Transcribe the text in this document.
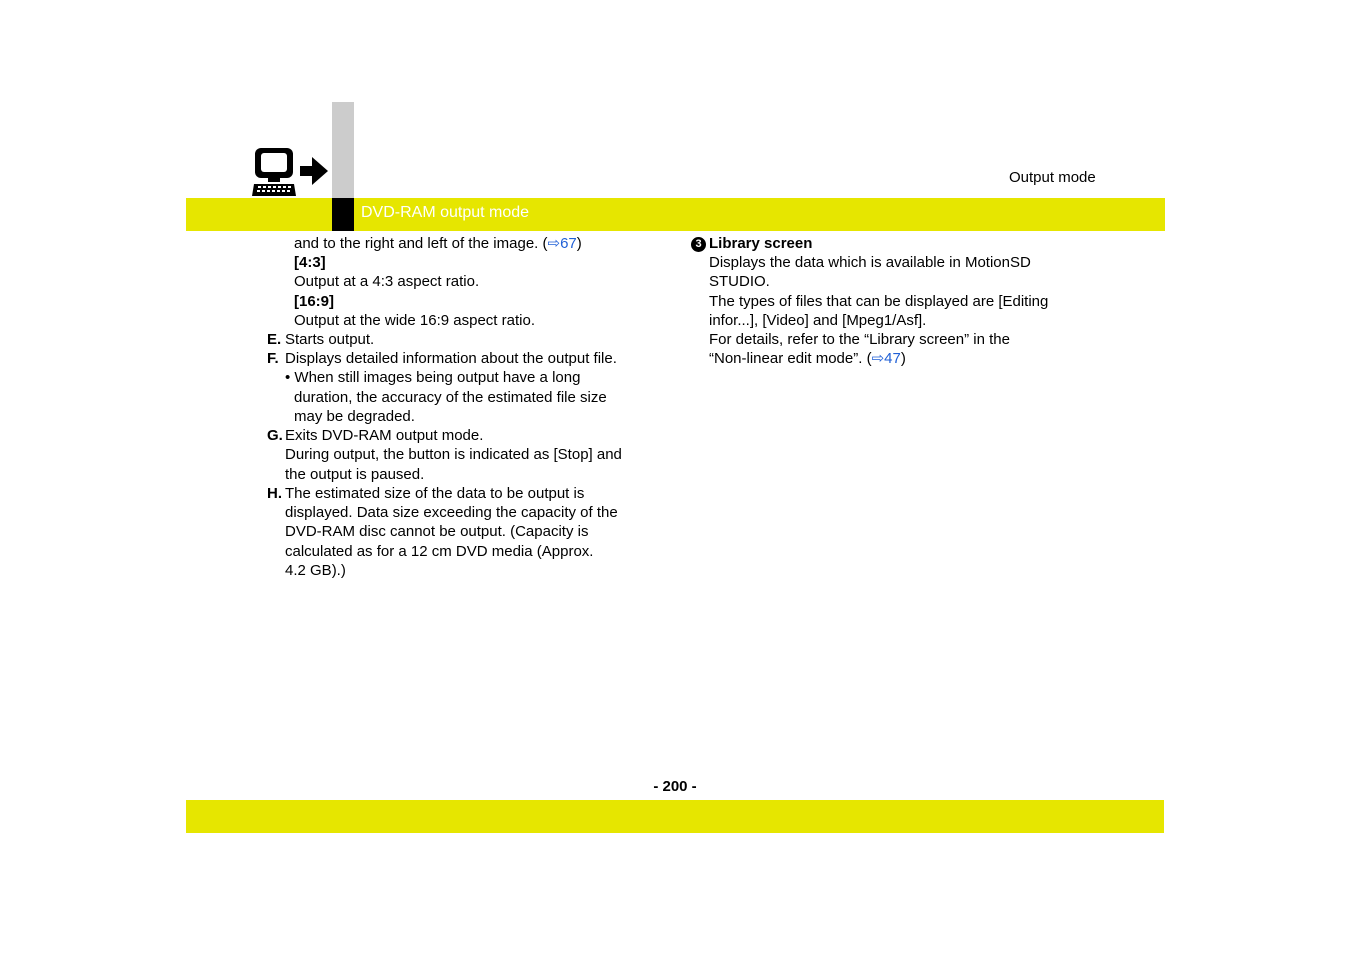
DVD-RAM output mode
Output mode
and to the right and left of the image. (⇨67)
[4:3]
Output at a 4:3 aspect ratio.
[16:9]
Output at the wide 16:9 aspect ratio.
E. Starts output.
F. Displays detailed information about the output file.
• When still images being output have a long
duration, the accuracy of the estimated file size
may be degraded.
G. Exits DVD-RAM output mode.
During output, the button is indicated as [Stop] and
the output is paused.
H. The estimated size of the data to be output is
displayed. Data size exceeding the capacity of the
DVD-RAM disc cannot be output. (Capacity is
calculated as for a 12 cm DVD media (Approx.
4.2 GB).)
3 Library screen
Displays the data which is available in MotionSD
STUDIO.
The types of files that can be displayed are [Editing
infor...], [Video] and [Mpeg1/Asf].
For details, refer to the “Library screen” in the
“Non-linear edit mode”. (⇨47)
- 200 -
